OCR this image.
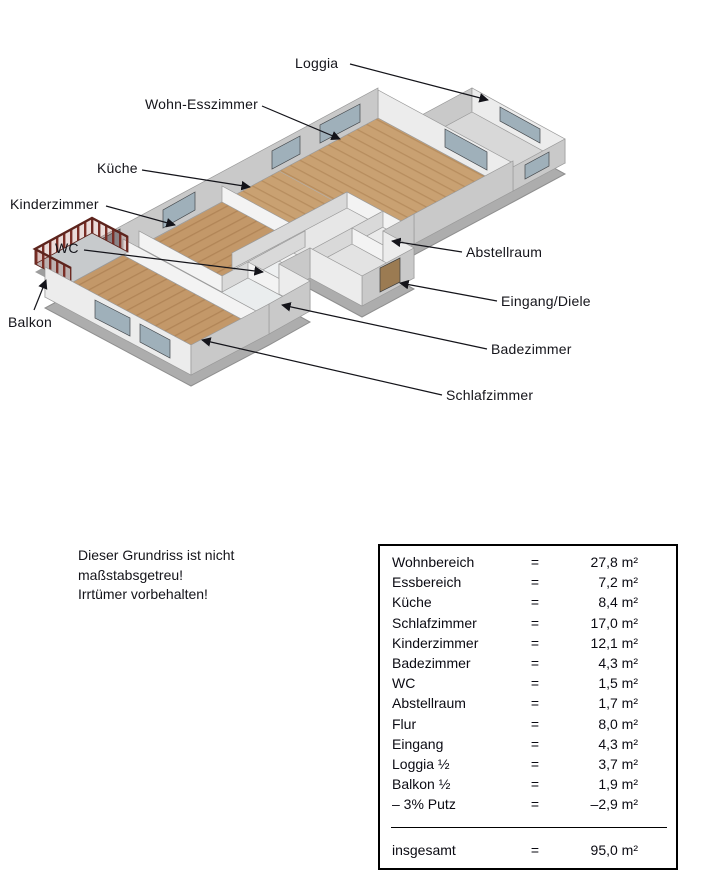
Loggia
Wohn-Esszimmer
Küche
Kinderzimmer
WC
Balkon
Abstellraum
Eingang/Diele
Badezimmer
Schlafzimmer
Dieser Grundriss ist nicht
maßstabsgetreu!
Irrtümer vorbehalten!
Wohnbereich	=	27,8 m²
Essbereich	=	7,2 m²
Küche	=	8,4 m²
Schlafzimmer	=	17,0 m²
Kinderzimmer	=	12,1 m²
Badezimmer	=	4,3 m²
WC	=	1,5 m²
Abstellraum	=	1,7 m²
Flur	=	8,0 m²
Eingang	=	4,3 m²
Loggia ½	=	3,7 m²
Balkon ½	=	1,9 m²
– 3% Putz	=	–2,9 m²
insgesamt	=	95,0 m²
